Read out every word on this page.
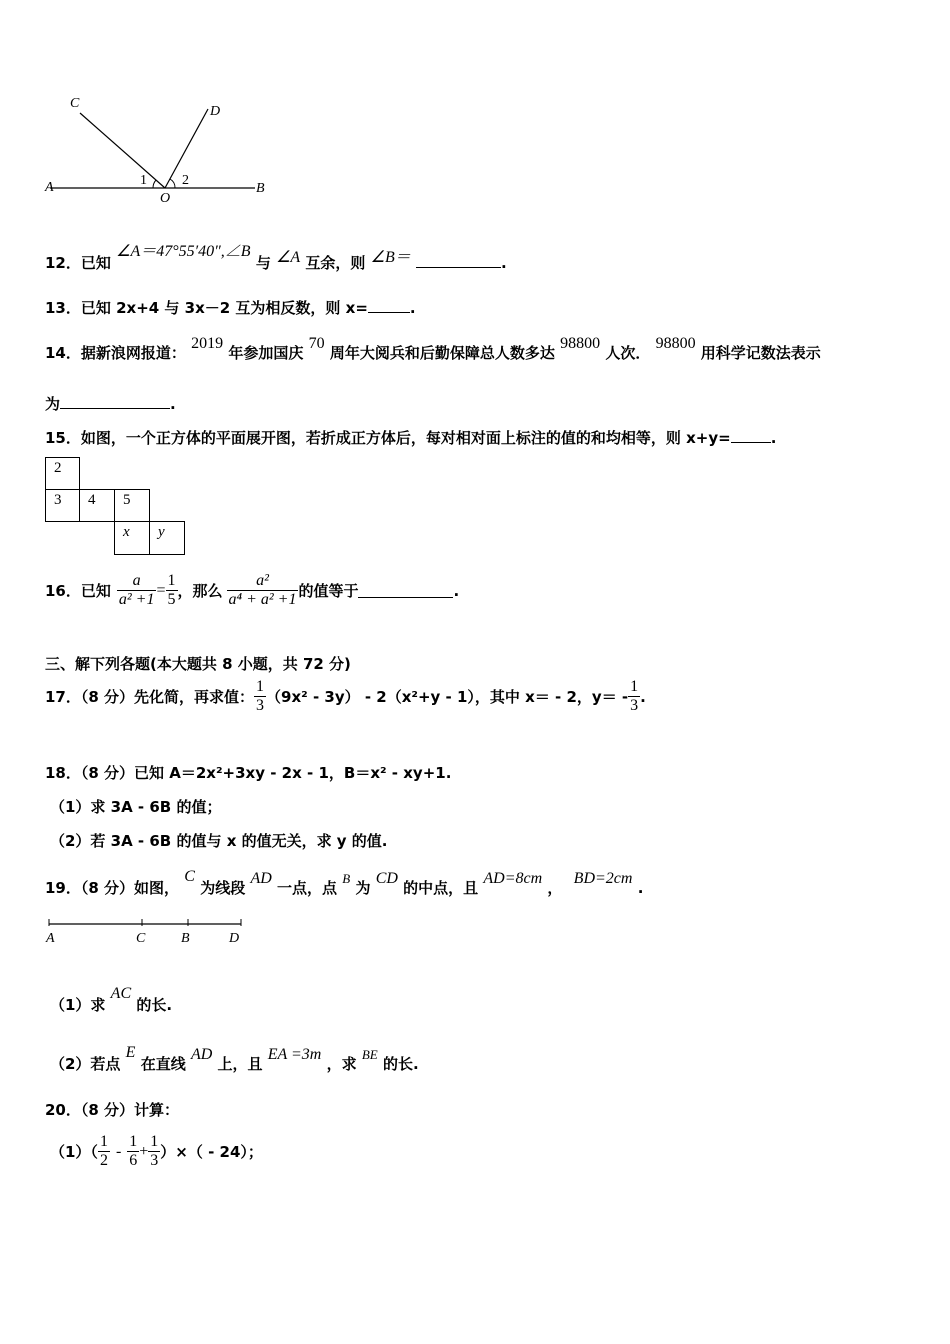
C
D
A	B
O
1	2
12．已知 ∠A＝47°55′40″,∠B 与 ∠A 互余，则 ∠B＝	.
13．已知 2x+4 与 3x－2 互为相反数，则 x=	.
14．据新浪网报道： 2019 年参加国庆 70 周年大阅兵和后勤保障总人数多达 98800 人次． 98800 用科学记数法表示
为	.
15．如图，一个正方体的平面展开图，若折成正方体后，每对相对面上标注的值的和均相等，则 x+y=	.
2
3	4	5
x	y
16．已知 $\frac{a}{\text{a² +1}} = \frac{1}{5}$ ，那么 $\frac{\text{a²}}{\text{a⁴ + a² +1}}$ 的值等于	.
三、解下列各题(本大题共 8 小题，共 72 分)
17．（8 分）先化简，再求值： $\frac{1}{3} (9x^2 - 3y) - 2(x^2+y - 1)$，其中 x＝ - 2，$y= - \frac{1}{3}$ .
18．（8 分）已知 A＝2x²+3xy - 2x - 1，B＝x² - xy+1.
（1）求 3A - 6B 的值；
（2）若 3A - 6B 的值与 x 的值无关，求 y 的值.
19．（8 分）如图， C 为线段 AD 一点，点 B 为 CD 的中点，且 AD=8cm ， BD=2cm .
A	C	B	D
（1）求 AC 的长.
（2）若点 E 在直线 AD 上，且 EA =3m ，求 BE 的长.
20．（8 分）计算：
$(1)( \frac{1}{2} - \frac{1}{6} + \frac{1}{3}$ ）×（ - 24）；
